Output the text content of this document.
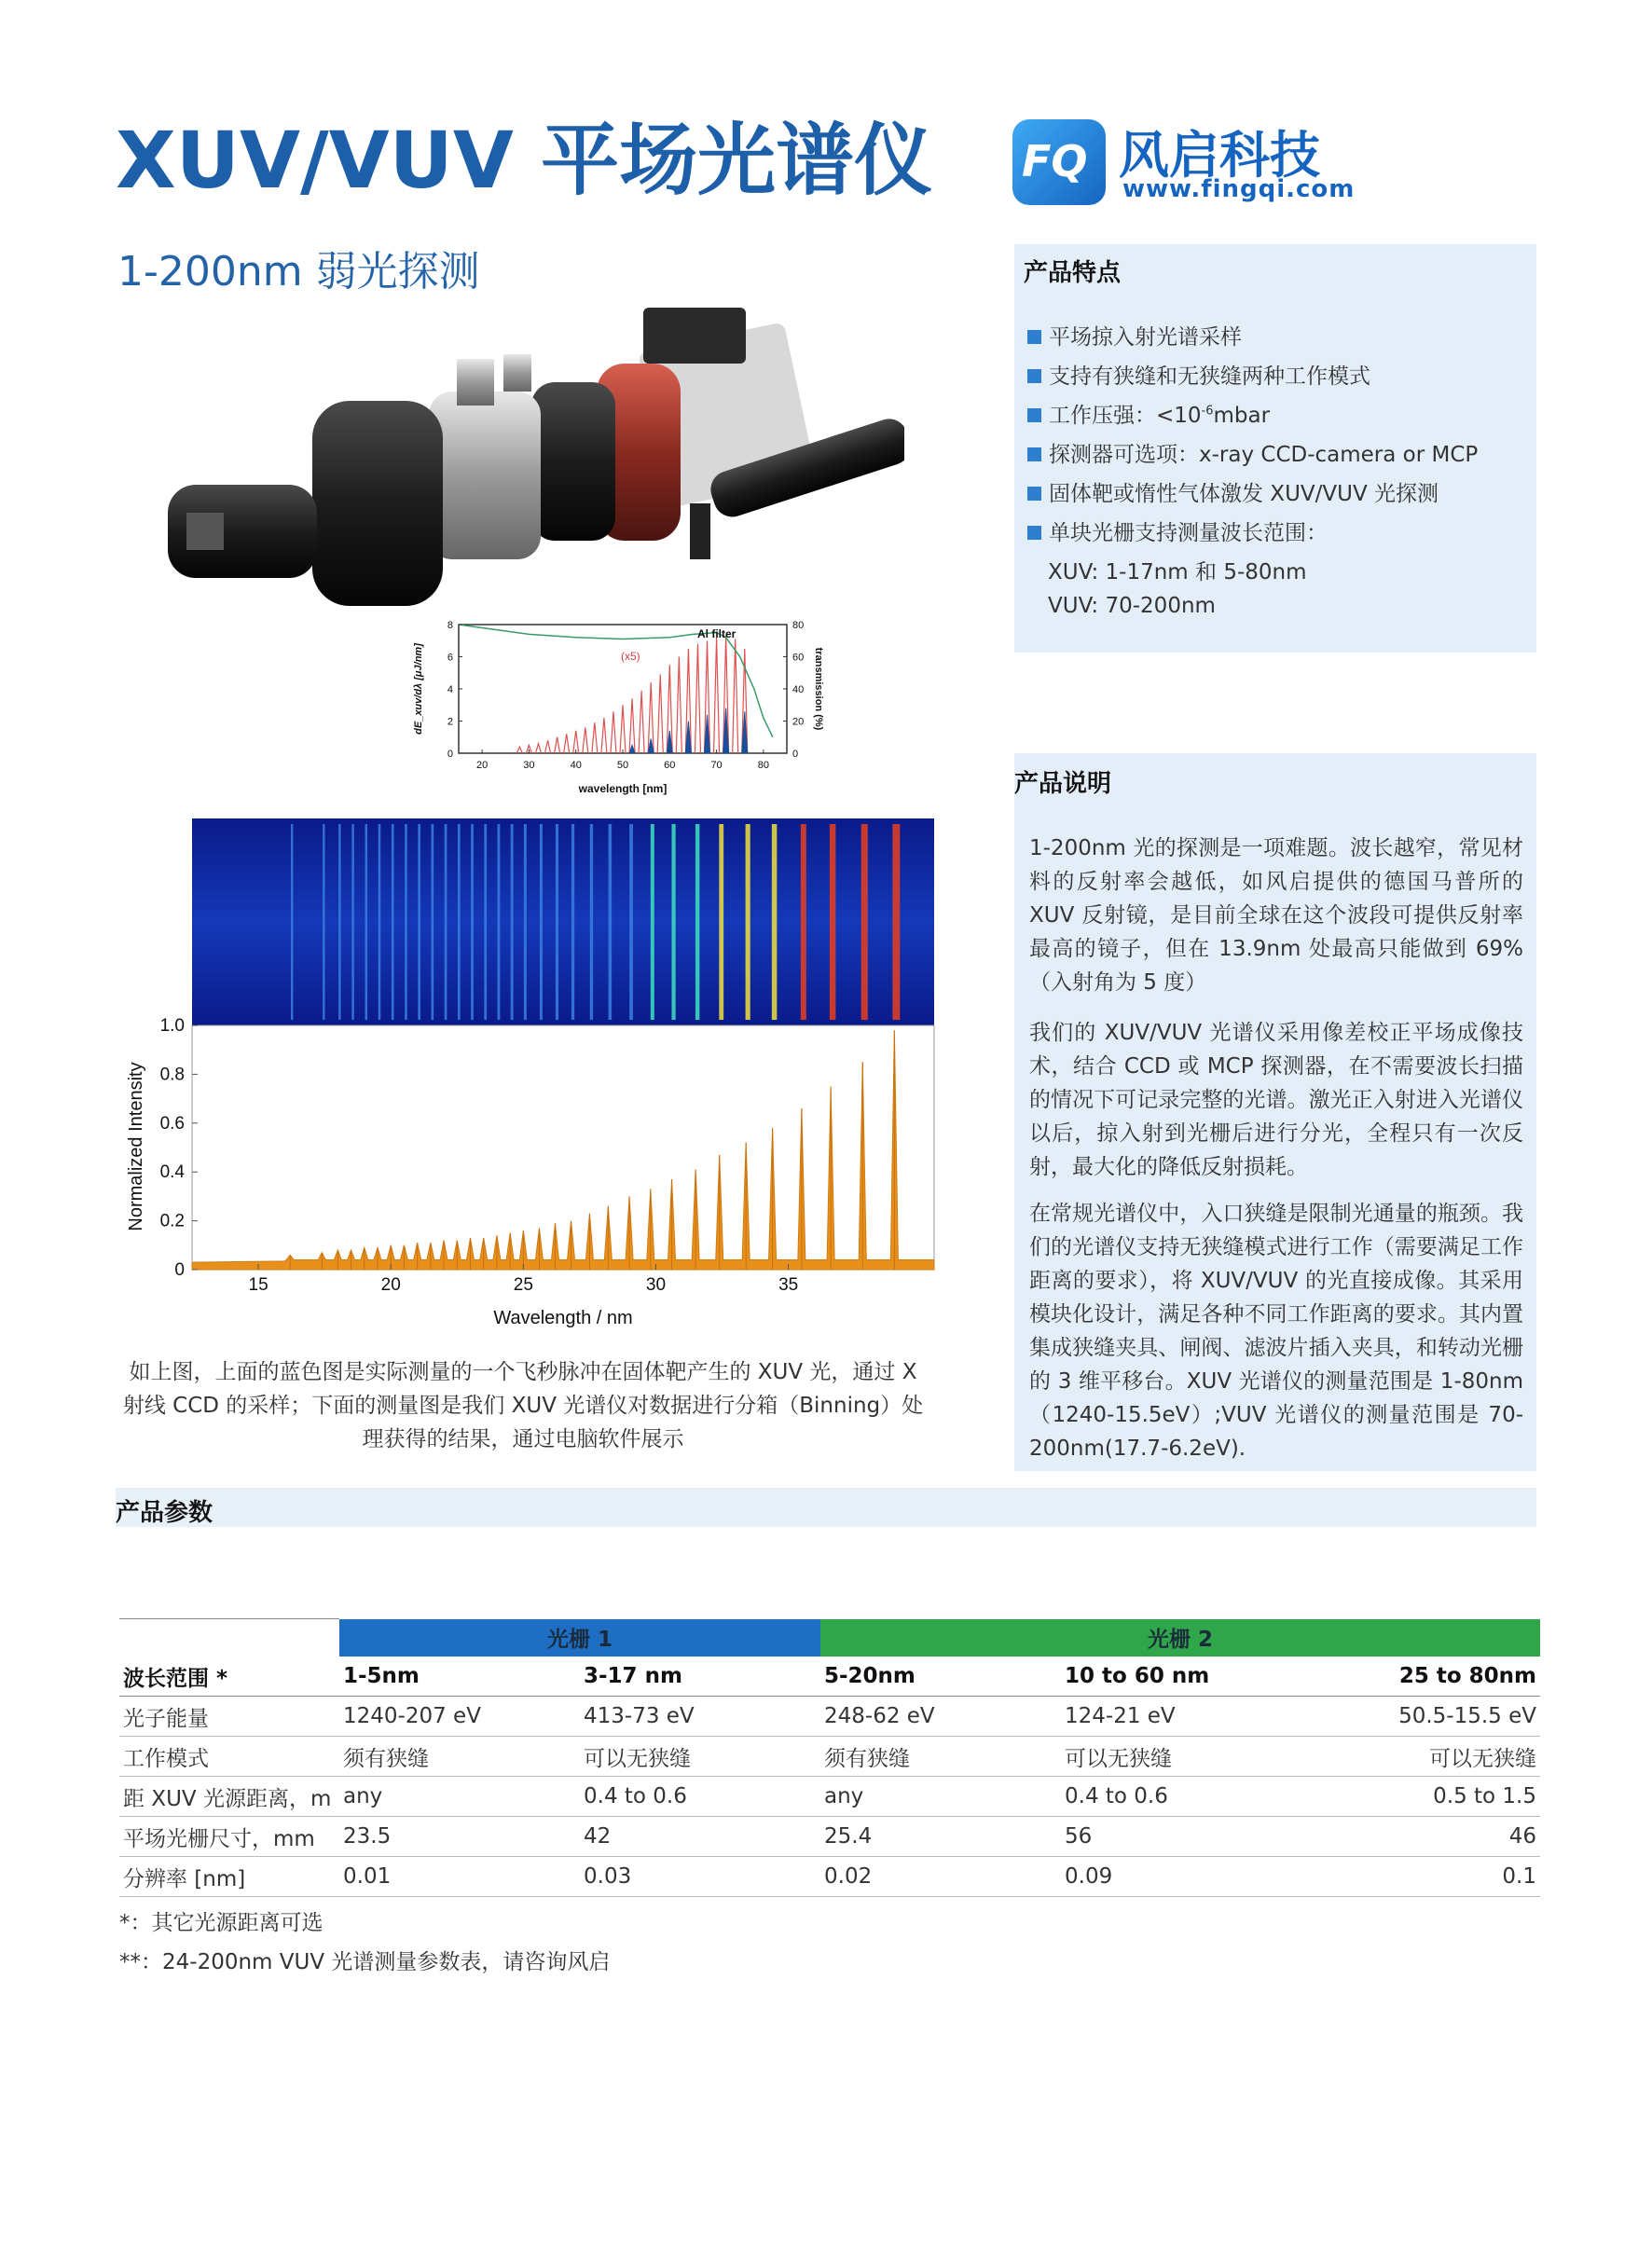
XUV/VUV 平场光谱仪
1-200nm 弱光探测
FQ 风启科技
www.fingqi.com
20	30	40	50	60	70	80
0
2
4
6
8
0
20
40
60
80
(x5)
Al filter
wavelength [nm]
dE_xuv/dλ [μJ/nm]	transmission (%)
15	20	25	30	35
0
0.2
0.4
0.6
0.8
1.0
Wavelength / nm
Normalized Intensity
如上图，上面的蓝色图是实际测量的一个飞秒脉冲在固体靶产生的 XUV 光，通过 X 射线 CCD 的采样；下面的测量图是我们 XUV 光谱仪对数据进行分箱（Binning）处理获得的结果，通过电脑软件展示
产品特点
平场掠入射光谱采样
支持有狭缝和无狭缝两种工作模式
工作压强：$<10^{-6}mbar$
探测器可选项：x-ray CCD-camera or MCP
固体靶或惰性气体激发 XUV/VUV 光探测
单块光栅支持测量波长范围：
XUV: 1-17nm 和 5-80nm
VUV: 70-200nm
产品说明
1-200nm 光的探测是一项难题。波长越窄，常见材料的反射率会越低，如风启提供的德国马普所的 XUV 反射镜，是目前全球在这个波段可提供反射率最高的镜子，但在 13.9nm 处最高只能做到 69%（入射角为 5 度）
我们的 XUV/VUV 光谱仪采用像差校正平场成像技术，结合 CCD 或 MCP 探测器，在不需要波长扫描的情况下可记录完整的光谱。激光正入射进入光谱仪以后，掠入射到光栅后进行分光，全程只有一次反射，最大化的降低反射损耗。
在常规光谱仪中，入口狭缝是限制光通量的瓶颈。我们的光谱仪支持无狭缝模式进行工作（需要满足工作距离的要求），将 XUV/VUV 的光直接成像。其采用模块化设计，满足各种不同工作距离的要求。其内置集成狭缝夹具、闸阀、滤波片插入夹具，和转动光栅的 3 维平移台。XUV 光谱仪的测量范围是 1-80nm（1240-15.5eV）;VUV 光谱仪的测量范围是 70-200nm(17.7-6.2eV).
产品参数
	光栅 1		光栅 2		
波长范围 *	1-5nm	3-17 nm	5-20nm	10 to 60 nm	25 to 80nm
光子能量	1240-207 eV	413-73 eV	248-62 eV	124-21 eV	50.5-15.5 eV
工作模式	须有狭缝	可以无狭缝	须有狭缝	可以无狭缝	可以无狭缝
距 XUV 光源距离，m	any	0.4 to 0.6	any	0.4 to 0.6	0.5 to 1.5
平场光栅尺寸，mm	23.5	42	25.4	56	46
分辨率 [nm]	0.01	0.03	0.02	0.09	0.1
*：其它光源距离可选
**：24-200nm VUV 光谱测量参数表，请咨询风启
